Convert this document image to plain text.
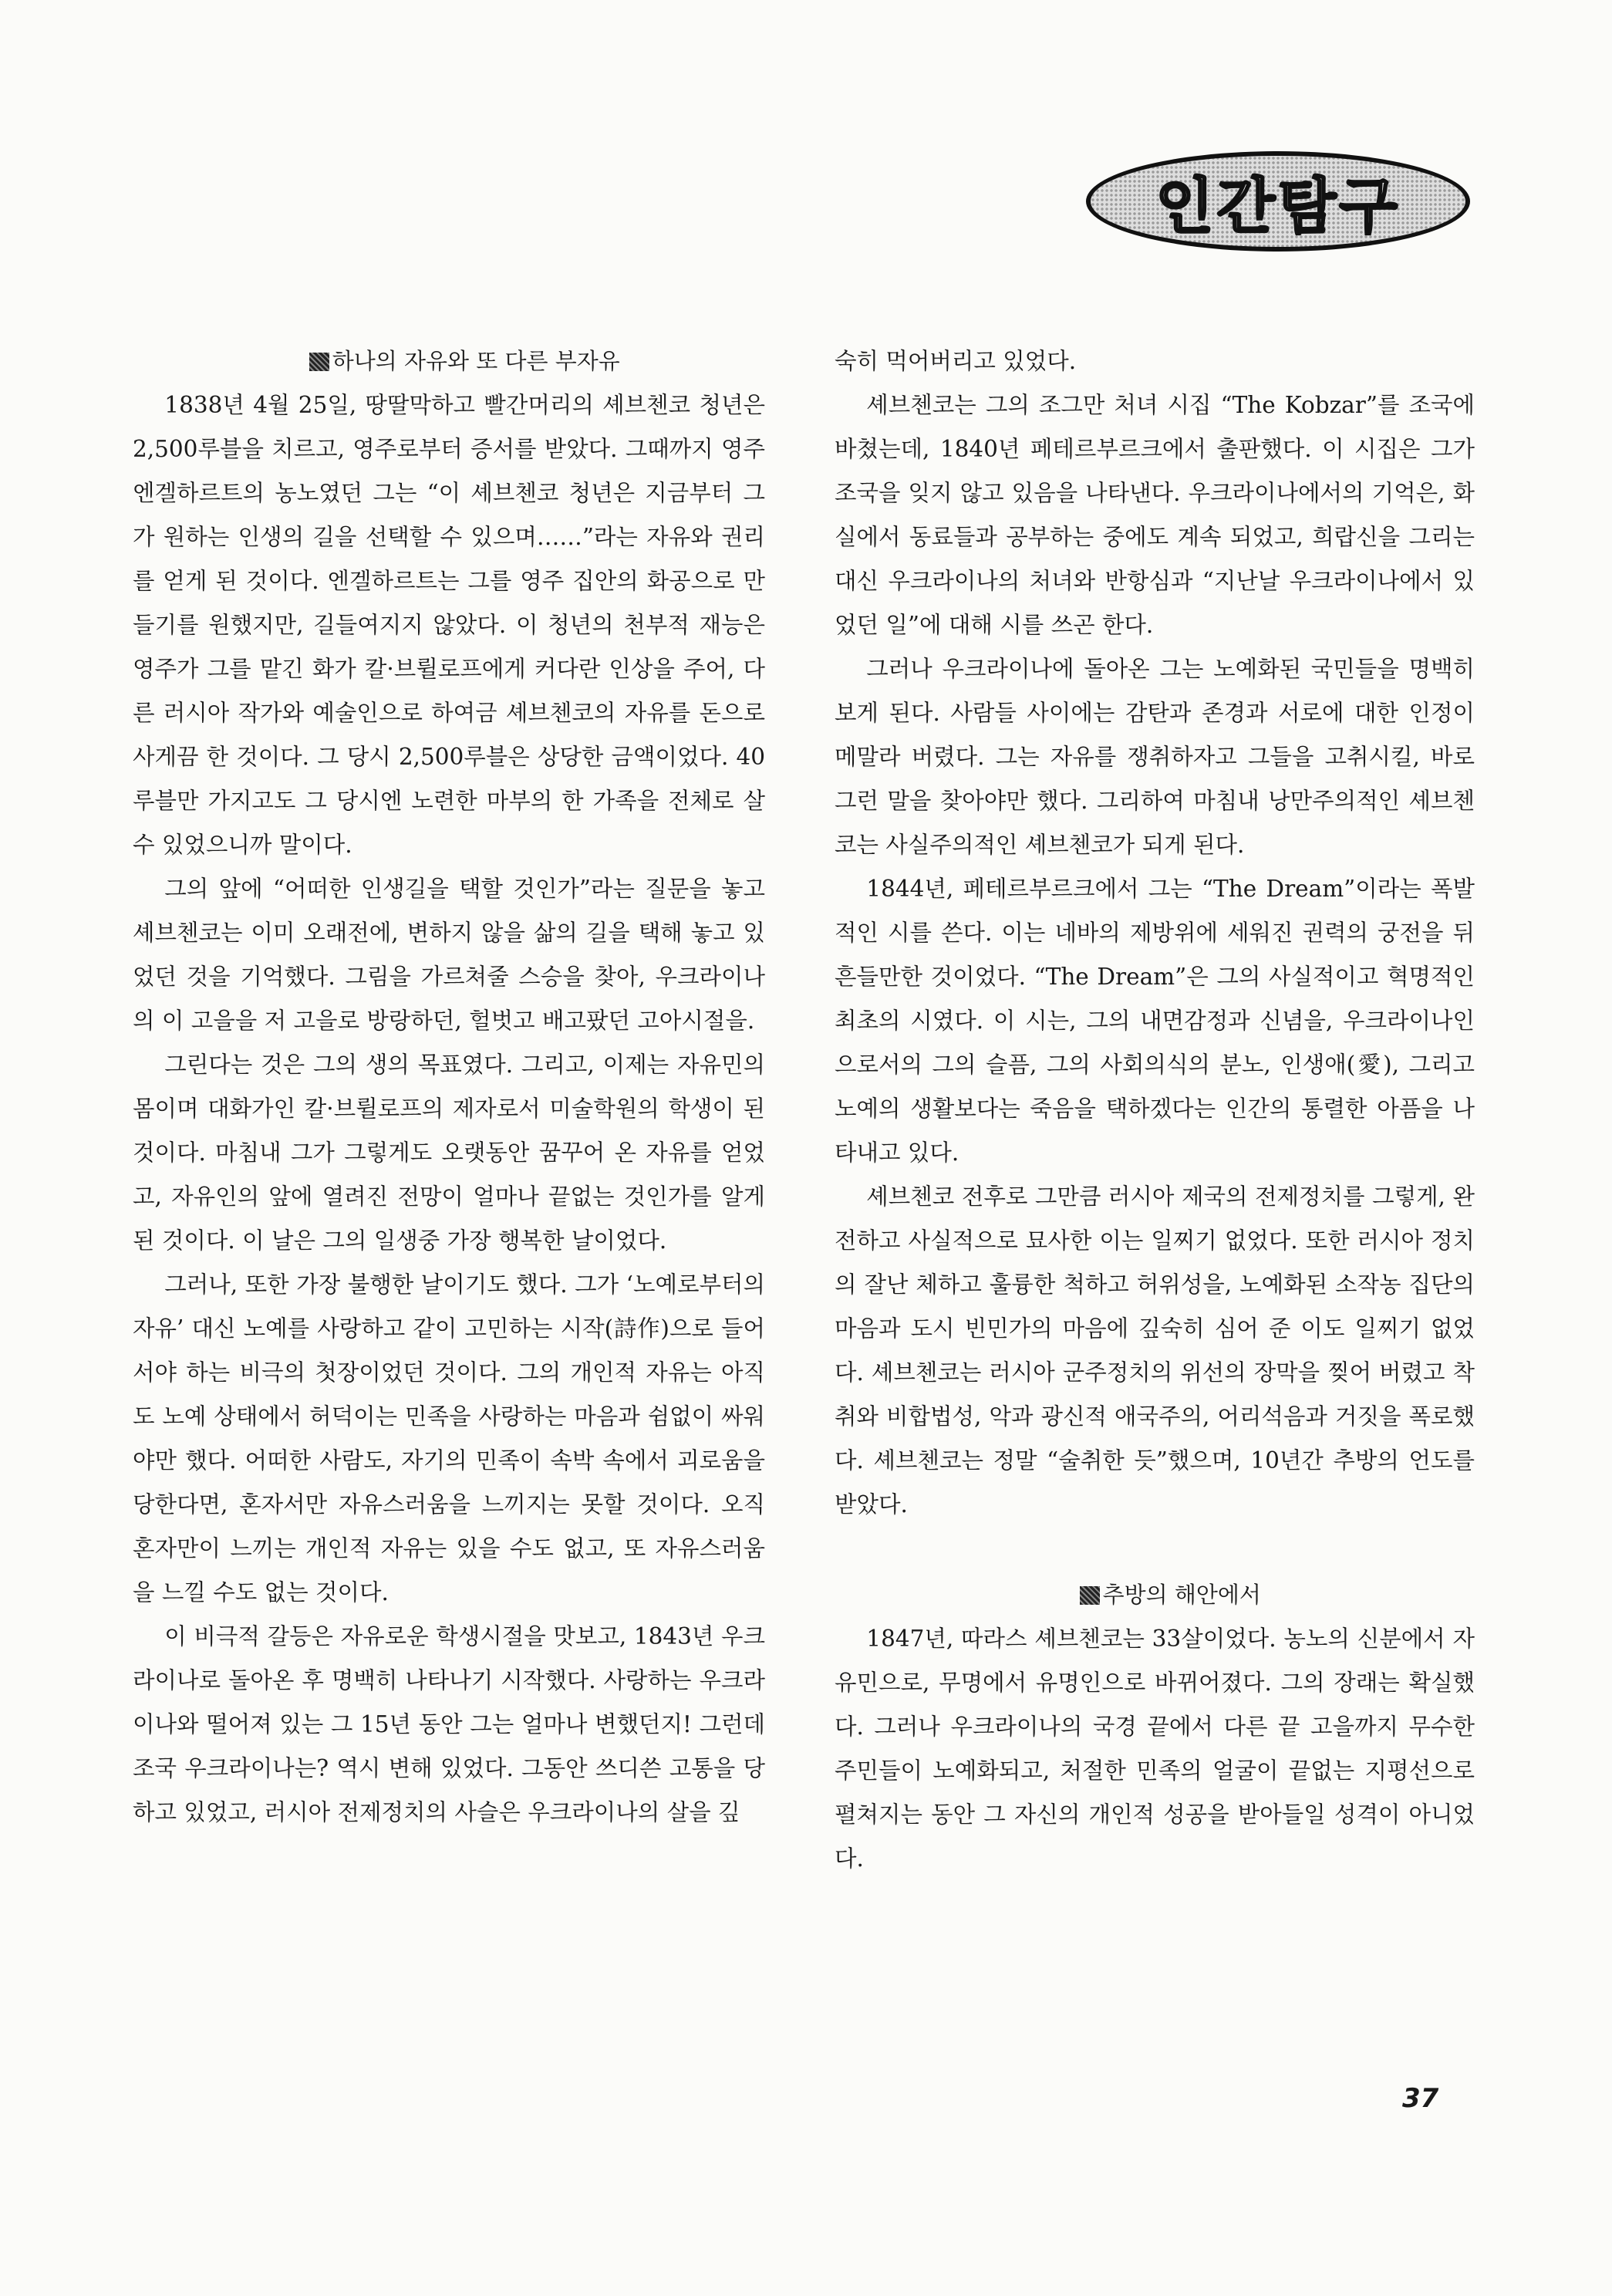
인간탐구

하나의 자유와 또 다른 부자유

1838년 4월 25일, 땅딸막하고 빨간머리의 셰브첸코 청년은 2,500루블을 치르고, 영주로부터 증서를 받았다. 그때까지 영주 엔겔하르트의 농노였던 그는 “이 셰브첸코 청년은 지금부터 그가 원하는 인생의 길을 선택할 수 있으며……”라는 자유와 권리를 얻게 된 것이다. 엔겔하르트는 그를 영주 집안의 화공으로 만들기를 원했지만, 길들여지지 않았다. 이 청년의 천부적 재능은 영주가 그를 맡긴 화가 칼·브륄로프에게 커다란 인상을 주어, 다른 러시아 작가와 예술인으로 하여금 셰브첸코의 자유를 돈으로 사게끔 한 것이다. 그 당시 2,500루블은 상당한 금액이었다. 40루블만 가지고도 그 당시엔 노련한 마부의 한 가족을 전체로 살 수 있었으니까 말이다.

그의 앞에 “어떠한 인생길을 택할 것인가”라는 질문을 놓고 셰브첸코는 이미 오래전에, 변하지 않을 삶의 길을 택해 놓고 있었던 것을 기억했다. 그림을 가르쳐줄 스승을 찾아, 우크라이나의 이 고을을 저 고을로 방랑하던, 헐벗고 배고팠던 고아시절을.

그린다는 것은 그의 생의 목표였다. 그리고, 이제는 자유민의 몸이며 대화가인 칼·브륄로프의 제자로서 미술학원의 학생이 된 것이다. 마침내 그가 그렇게도 오랫동안 꿈꾸어 온 자유를 얻었고, 자유인의 앞에 열려진 전망이 얼마나 끝없는 것인가를 알게 된 것이다. 이 날은 그의 일생중 가장 행복한 날이었다.

그러나, 또한 가장 불행한 날이기도 했다. 그가 ‘노예로부터의 자유’ 대신 노예를 사랑하고 같이 고민하는 시작(詩作)으로 들어서야 하는 비극의 첫장이었던 것이다. 그의 개인적 자유는 아직도 노예 상태에서 허덕이는 민족을 사랑하는 마음과 쉼없이 싸워야만 했다. 어떠한 사람도, 자기의 민족이 속박 속에서 괴로움을 당한다면, 혼자서만 자유스러움을 느끼지는 못할 것이다. 오직 혼자만이 느끼는 개인적 자유는 있을 수도 없고, 또 자유스러움을 느낄 수도 없는 것이다.

이 비극적 갈등은 자유로운 학생시절을 맛보고, 1843년 우크라이나로 돌아온 후 명백히 나타나기 시작했다. 사랑하는 우크라이나와 떨어져 있는 그 15년 동안 그는 얼마나 변했던지! 그런데 조국 우크라이나는? 역시 변해 있었다. 그동안 쓰디쓴 고통을 당하고 있었고, 러시아 전제정치의 사슬은 우크라이나의 살을 깊

숙히 먹어버리고 있었다.

셰브첸코는 그의 조그만 처녀 시집 “The Kobzar”를 조국에 바쳤는데, 1840년 페테르부르크에서 출판했다. 이 시집은 그가 조국을 잊지 않고 있음을 나타낸다. 우크라이나에서의 기억은, 화실에서 동료들과 공부하는 중에도 계속 되었고, 희랍신을 그리는 대신 우크라이나의 처녀와 반항심과 “지난날 우크라이나에서 있었던 일”에 대해 시를 쓰곤 한다.

그러나 우크라이나에 돌아온 그는 노예화된 국민들을 명백히 보게 된다. 사람들 사이에는 감탄과 존경과 서로에 대한 인정이 메말라 버렸다. 그는 자유를 쟁취하자고 그들을 고취시킬, 바로 그런 말을 찾아야만 했다. 그리하여 마침내 낭만주의적인 셰브첸코는 사실주의적인 셰브첸코가 되게 된다.

1844년, 페테르부르크에서 그는 “The Dream”이라는 폭발적인 시를 쓴다. 이는 네바의 제방위에 세워진 권력의 궁전을 뒤흔들만한 것이었다. “The Dream”은 그의 사실적이고 혁명적인 최초의 시였다. 이 시는, 그의 내면감정과 신념을, 우크라이나인으로서의 그의 슬픔, 그의 사회의식의 분노, 인생애(愛), 그리고 노예의 생활보다는 죽음을 택하겠다는 인간의 통렬한 아픔을 나타내고 있다.

셰브첸코 전후로 그만큼 러시아 제국의 전제정치를 그렇게, 완전하고 사실적으로 묘사한 이는 일찌기 없었다. 또한 러시아 정치의 잘난 체하고 훌륭한 척하고 허위성을, 노예화된 소작농 집단의 마음과 도시 빈민가의 마음에 깊숙히 심어 준 이도 일찌기 없었다. 셰브첸코는 러시아 군주정치의 위선의 장막을 찢어 버렸고 착취와 비합법성, 악과 광신적 애국주의, 어리석음과 거짓을 폭로했다. 셰브첸코는 정말 “술취한 듯”했으며, 10년간 추방의 언도를 받았다.

추방의 해안에서

1847년, 따라스 셰브첸코는 33살이었다. 농노의 신분에서 자유민으로, 무명에서 유명인으로 바뀌어졌다. 그의 장래는 확실했다. 그러나 우크라이나의 국경 끝에서 다른 끝 고을까지 무수한 주민들이 노예화되고, 처절한 민족의 얼굴이 끝없는 지평선으로 펼쳐지는 동안 그 자신의 개인적 성공을 받아들일 성격이 아니었다.

37
